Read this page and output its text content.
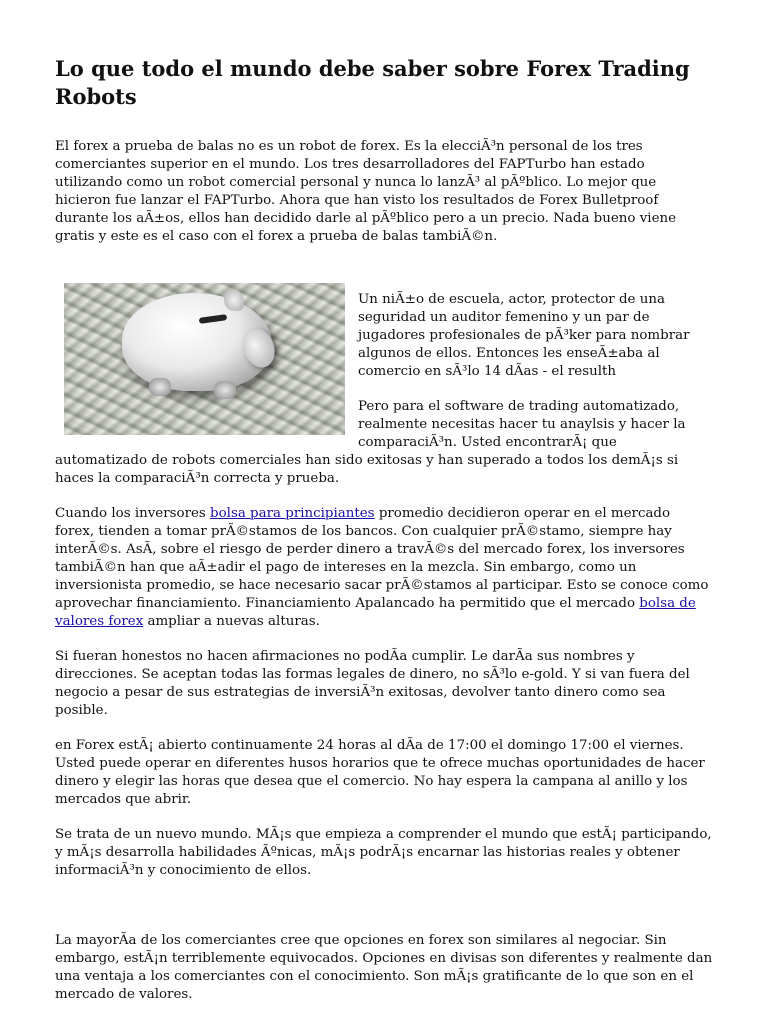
Lo que todo el mundo debe saber sobre Forex Trading Robots

El forex a prueba de balas no es un robot de forex. Es la elecciÃ³n personal de los tres comerciantes superior en el mundo. Los tres desarrolladores del FAPTurbo han estado utilizando como un robot comercial personal y nunca lo lanzÃ³ al pÃºblico. Lo mejor que hicieron fue lanzar el FAPTurbo. Ahora que han visto los resultados de Forex Bulletproof durante los aÃ±os, ellos han decidido darle al pÃºblico pero a un precio. Nada bueno viene gratis y este es el caso con el forex a prueba de balas tambiÃ©n.

Un niÃ±o de escuela, actor, protector de una seguridad un auditor femenino y un par de jugadores profesionales de pÃ³ker para nombrar algunos de ellos. Entonces les enseÃ±aba al comercio en sÃ³lo 14 dÃas - el resulth

Pero para el software de trading automatizado, realmente necesitas hacer tu anaylsis y hacer la comparaciÃ³n. Usted encontrarÃ¡ que automatizado de robots comerciales han sido exitosas y han superado a todos los demÃ¡s si haces la comparaciÃ³n correcta y prueba.

Cuando los inversores bolsa para principiantes promedio decidieron operar en el mercado forex, tienden a tomar prÃ©stamos de los bancos. Con cualquier prÃ©stamo, siempre hay interÃ©s. AsÃ, sobre el riesgo de perder dinero a travÃ©s del mercado forex, los inversores tambiÃ©n han que aÃ±adir el pago de intereses en la mezcla. Sin embargo, como un inversionista promedio, se hace necesario sacar prÃ©stamos al participar. Esto se conoce como aprovechar financiamiento. Financiamiento Apalancado ha permitido que el mercado bolsa de valores forex ampliar a nuevas alturas.

Si fueran honestos no hacen afirmaciones no podÃa cumplir. Le darÃa sus nombres y direcciones. Se aceptan todas las formas legales de dinero, no sÃ³lo e-gold. Y si van fuera del negocio a pesar de sus estrategias de inversiÃ³n exitosas, devolver tanto dinero como sea posible.

en Forex estÃ¡ abierto continuamente 24 horas al dÃa de 17:00 el domingo 17:00 el viernes. Usted puede operar en diferentes husos horarios que te ofrece muchas oportunidades de hacer dinero y elegir las horas que desea que el comercio. No hay espera la campana al anillo y los mercados que abrir.

Se trata de un nuevo mundo. MÃ¡s que empieza a comprender el mundo que estÃ¡ participando, y mÃ¡s desarrolla habilidades Ãºnicas, mÃ¡s podrÃ¡s encarnar las historias reales y obtener informaciÃ³n y conocimiento de ellos.

La mayorÃa de los comerciantes cree que opciones en forex son similares al negociar. Sin embargo, estÃ¡n terriblemente equivocados. Opciones en divisas son diferentes y realmente dan una ventaja a los comerciantes con el conocimiento. Son mÃ¡s gratificante de lo que son en el mercado de valores.
